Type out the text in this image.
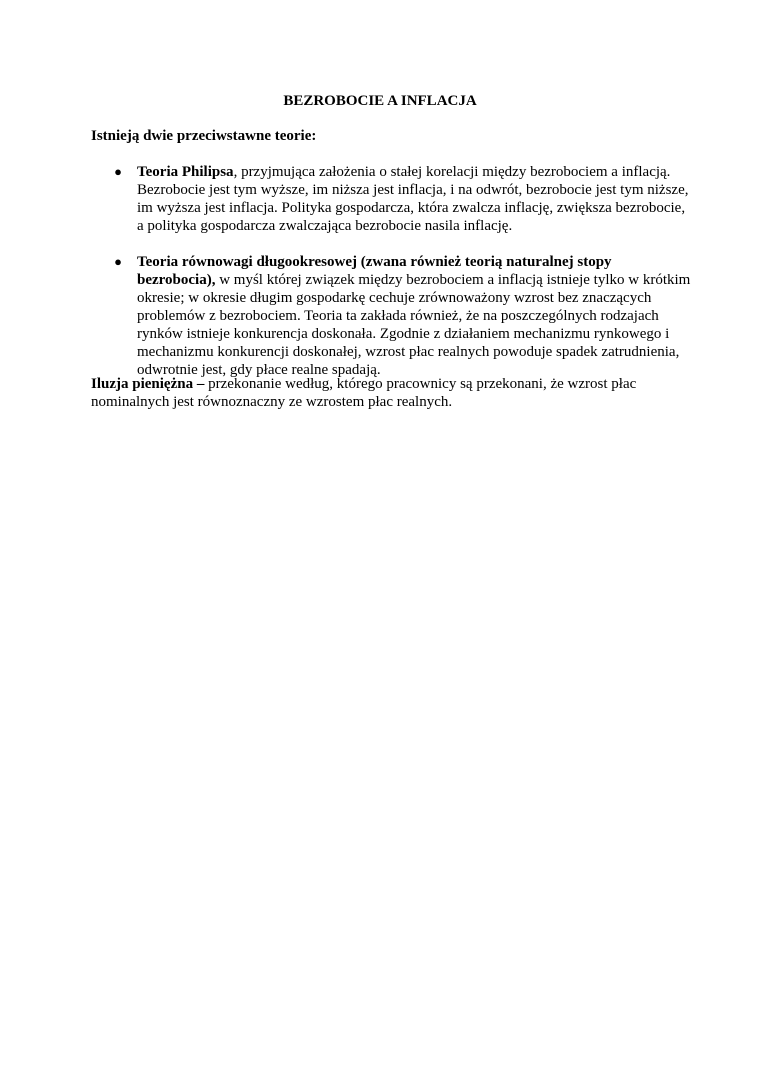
BEZROBOCIE A INFLACJA

Istnieją dwie przeciwstawne teorie:

● Teoria Philipsa, przyjmująca założenia o stałej korelacji między bezrobociem a inflacją. Bezrobocie jest tym wyższe, im niższa jest inflacja, i na odwrót, bezrobocie jest tym niższe, im wyższa jest inflacja. Polityka gospodarcza, która zwalcza inflację, zwiększa bezrobocie, a polityka gospodarcza zwalczająca bezrobocie nasila inflację.
● Teoria równowagi długookresowej (zwana również teorią naturalnej stopy bezrobocia), w myśl której związek między bezrobociem a inflacją istnieje tylko w krótkim okresie; w okresie długim gospodarkę cechuje zrównoważony wzrost bez znaczących problemów z bezrobociem. Teoria ta zakłada również, że na poszczególnych rodzajach rynków istnieje konkurencja doskonała. Zgodnie z działaniem mechanizmu rynkowego i mechanizmu konkurencji doskonałej, wzrost płac realnych powoduje spadek zatrudnienia, odwrotnie jest, gdy płace realne spadają.

Iluzja pieniężna – przekonanie według, którego pracownicy są przekonani, że wzrost płac nominalnych jest równoznaczny ze wzrostem płac realnych.
